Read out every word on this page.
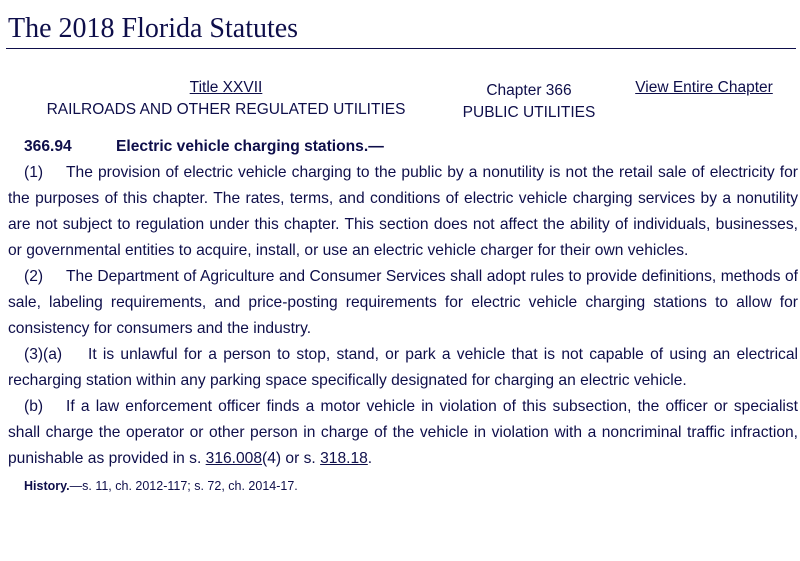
The 2018 Florida Statutes
Title XXVII
RAILROADS AND OTHER REGULATED UTILITIES
Chapter 366
PUBLIC UTILITIES
View Entire Chapter
366.94	Electric vehicle charging stations.—

(1) The provision of electric vehicle charging to the public by a nonutility is not the retail sale of electricity for the purposes of this chapter. The rates, terms, and conditions of electric vehicle charging services by a nonutility are not subject to regulation under this chapter. This section does not affect the ability of individuals, businesses, or governmental entities to acquire, install, or use an electric vehicle charger for their own vehicles.

(2) The Department of Agriculture and Consumer Services shall adopt rules to provide definitions, methods of sale, labeling requirements, and price-posting requirements for electric vehicle charging stations to allow for consistency for consumers and the industry.

(3)(a) It is unlawful for a person to stop, stand, or park a vehicle that is not capable of using an electrical recharging station within any parking space specifically designated for charging an electric vehicle.

(b) If a law enforcement officer finds a motor vehicle in violation of this subsection, the officer or specialist shall charge the operator or other person in charge of the vehicle in violation with a noncriminal traffic infraction, punishable as provided in s. 316.008(4) or s. 318.18.

History.—s. 11, ch. 2012-117; s. 72, ch. 2014-17.
